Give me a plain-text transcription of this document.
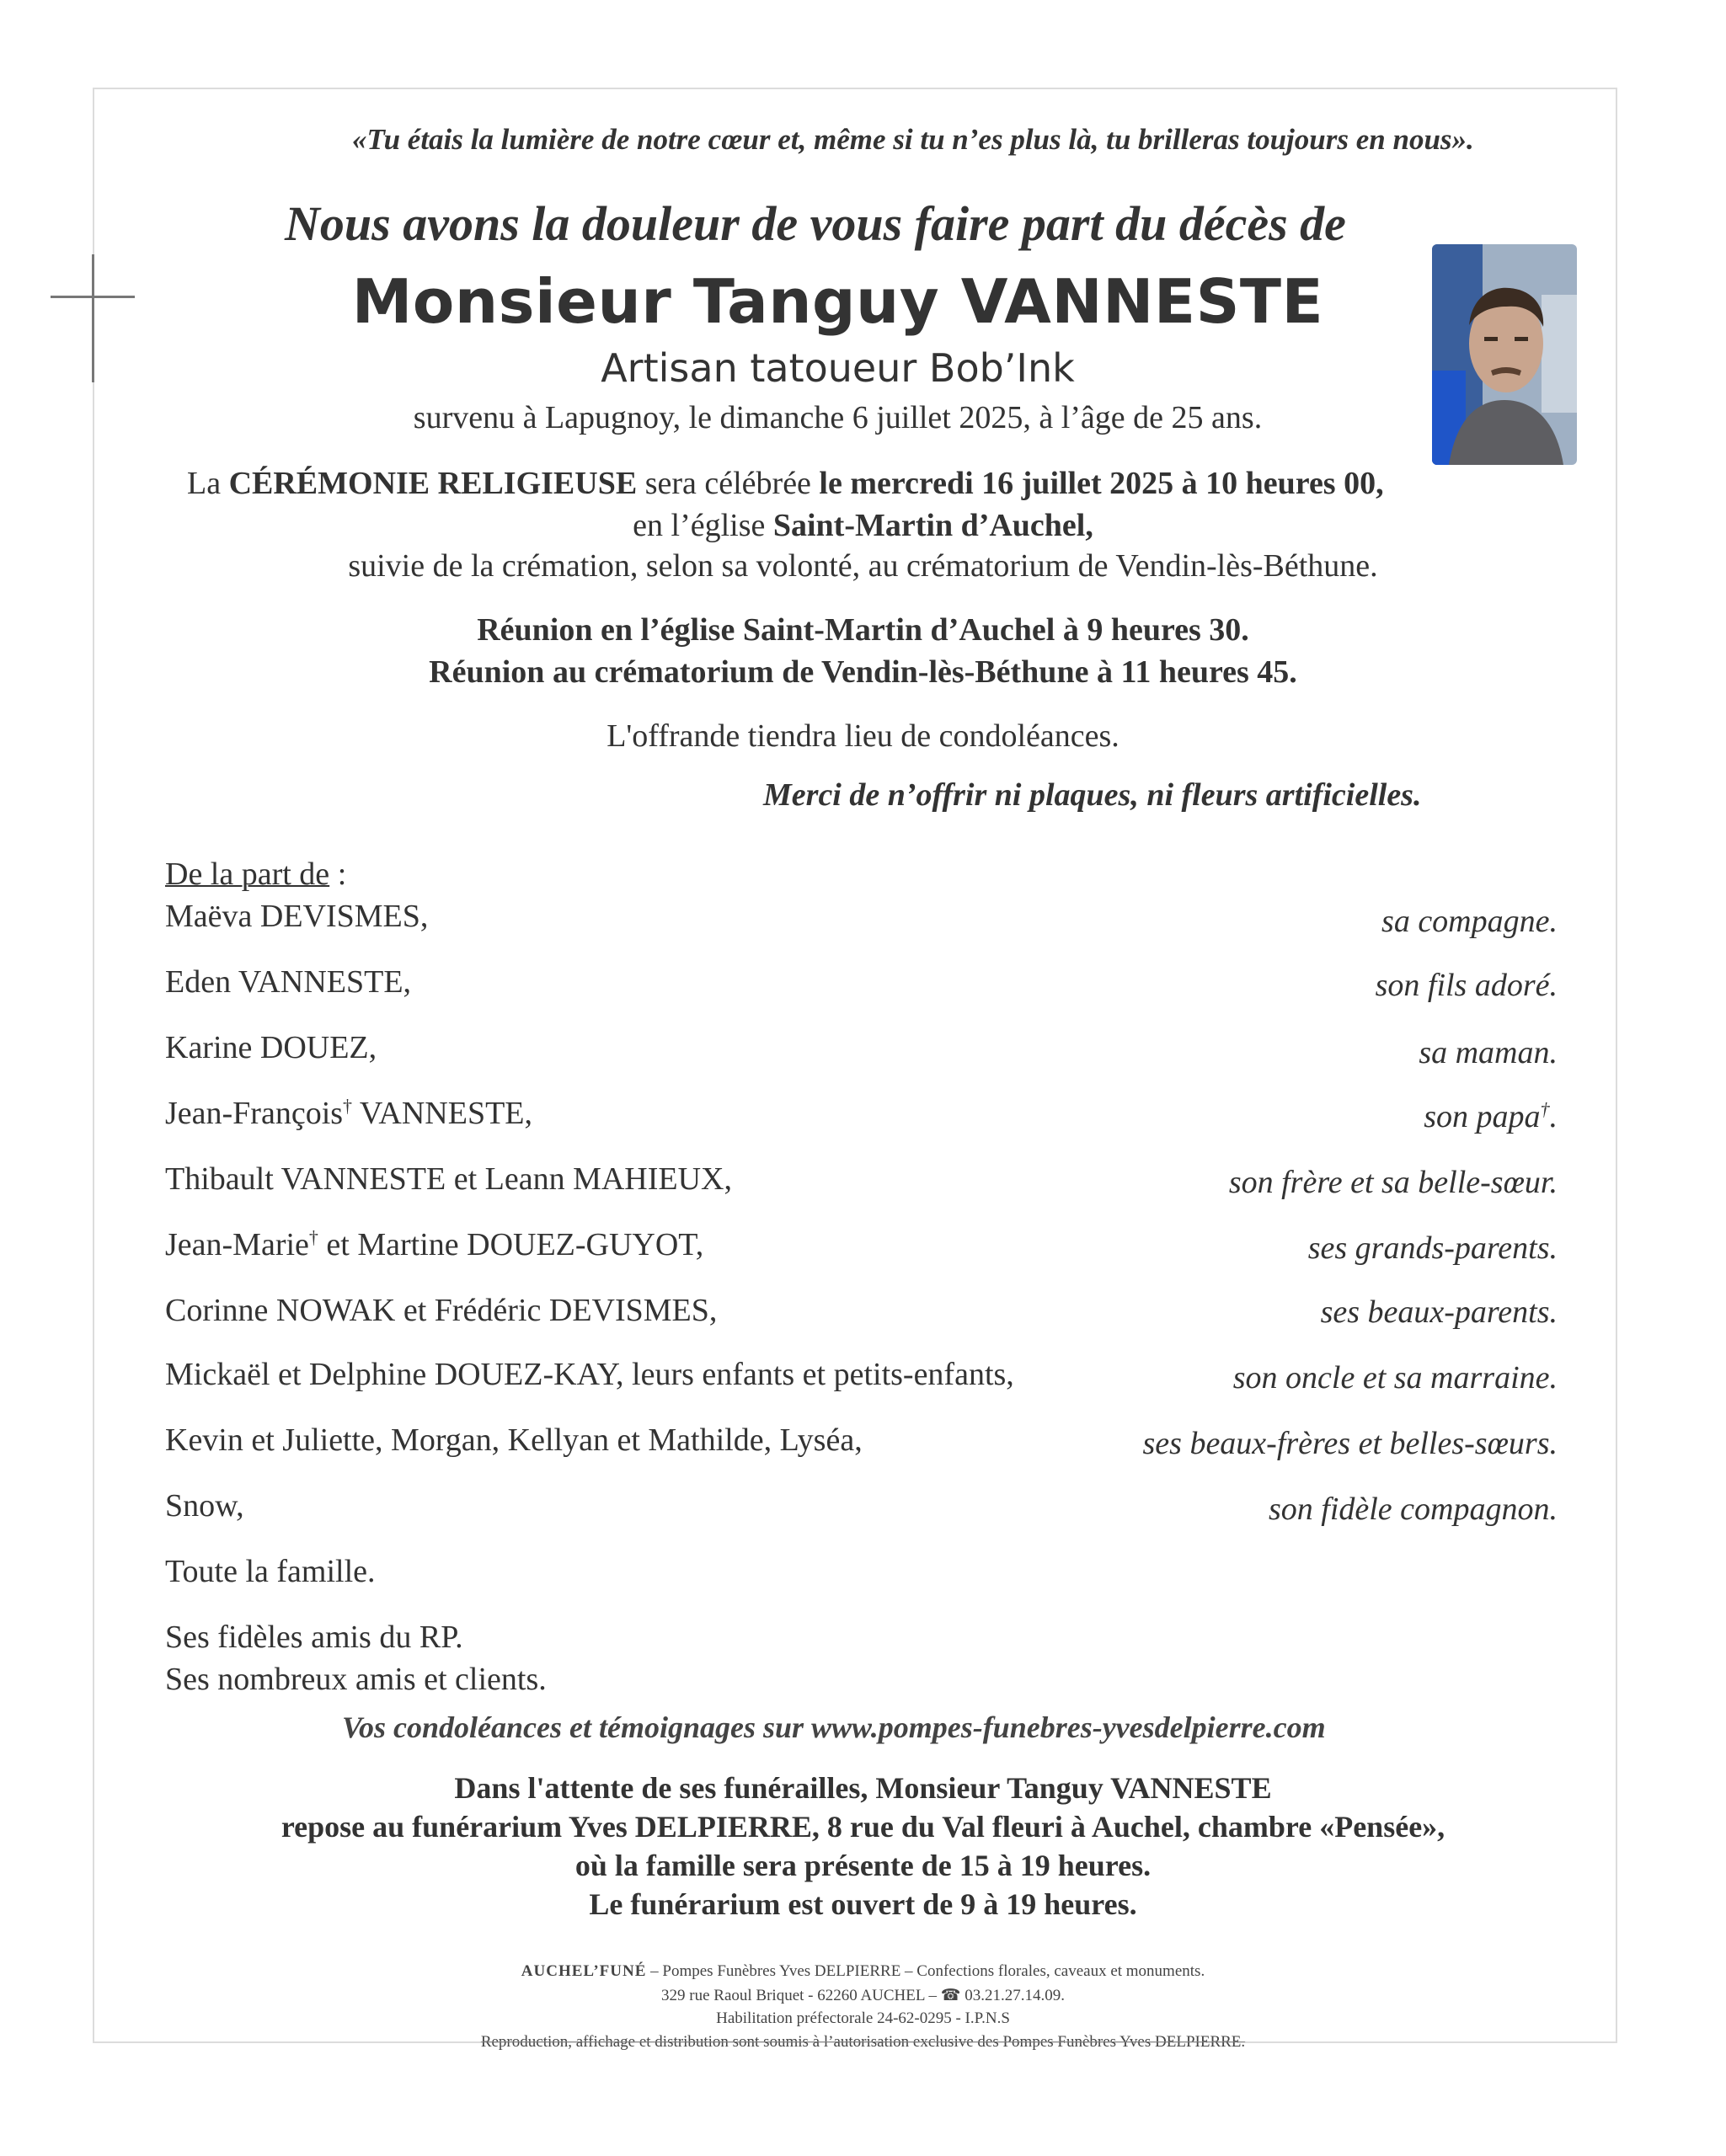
«Tu étais la lumière de notre cœur et, même si tu n’es plus là, tu brilleras toujours en nous».
Nous avons la douleur de vous faire part du décès de
Monsieur Tanguy VANNESTE
Artisan tatoueur Bob’Ink
survenu à Lapugnoy, le dimanche 6 juillet 2025, à l’âge de 25 ans.
La CÉRÉMONIE RELIGIEUSE sera célébrée le mercredi 16 juillet 2025 à 10 heures 00,
en l’église Saint-Martin d’Auchel,
suivie de la crémation, selon sa volonté, au crématorium de Vendin-lès-Béthune.
Réunion en l’église Saint-Martin d’Auchel à 9 heures 30.
Réunion au crématorium de Vendin-lès-Béthune à 11 heures 45.
L'offrande tiendra lieu de condoléances.
Merci de n’offrir ni plaques, ni fleurs artificielles.
De la part de :
Maëva DEVISMES,	sa compagne.
Eden VANNESTE,	son fils adoré.
Karine DOUEZ,	sa maman.
Jean-François† VANNESTE,	son papa†.
Thibault VANNESTE et Leann MAHIEUX,	son frère et sa belle-sœur.
Jean-Marie† et Martine DOUEZ-GUYOT,	ses grands-parents.
Corinne NOWAK et Frédéric DEVISMES,	ses beaux-parents.
Mickaël et Delphine DOUEZ-KAY, leurs enfants et petits-enfants,	son oncle et sa marraine.
Kevin et Juliette, Morgan, Kellyan et Mathilde, Lyséa,	ses beaux-frères et belles-sœurs.
Snow,	son fidèle compagnon.
Toute la famille.
Ses fidèles amis du RP.
Ses nombreux amis et clients.
Vos condoléances et témoignages sur www.pompes-funebres-yvesdelpierre.com
Dans l'attente de ses funérailles, Monsieur Tanguy VANNESTE
repose au funérarium Yves DELPIERRE, 8 rue du Val fleuri à Auchel, chambre «Pensée»,
où la famille sera présente de 15 à 19 heures.
Le funérarium est ouvert de 9 à 19 heures.
AUCHEL’FUNÉ – Pompes Funèbres Yves DELPIERRE – Confections florales, caveaux et monuments.
329 rue Raoul Briquet - 62260 AUCHEL – ☎ 03.21.27.14.09.
Habilitation préfectorale 24-62-0295 - I.P.N.S
Reproduction, affichage et distribution sont soumis à l’autorisation exclusive des Pompes Funèbres Yves DELPIERRE.
